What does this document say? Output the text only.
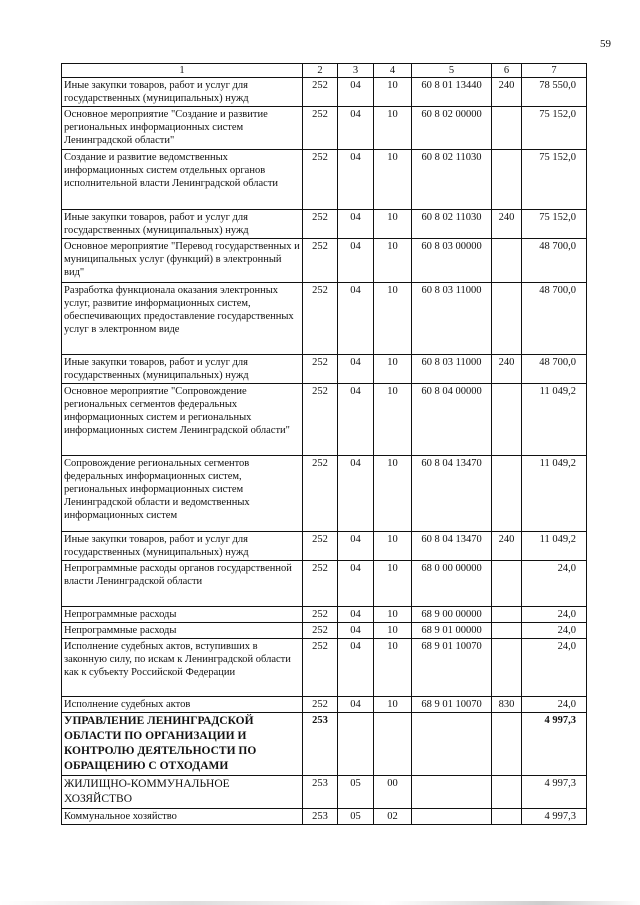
59
1	2	3	4	5	6	7
Иные закупки товаров, работ и услуг для государственных (муниципальных) нужд	252	04	10	60 8 01 13440	240	78 550,0
Основное мероприятие "Создание и развитие региональных информационных систем Ленинградской области"	252	04	10	60 8 02 00000		75 152,0
Создание и развитие ведомственных информационных систем отдельных органов исполнительной власти Ленинградской области	252	04	10	60 8 02 11030		75 152,0
Иные закупки товаров, работ и услуг для государственных (муниципальных) нужд	252	04	10	60 8 02 11030	240	75 152,0
Основное мероприятие "Перевод государственных и муниципальных услуг (функций) в электронный вид"	252	04	10	60 8 03 00000		48 700,0
Разработка функционала оказания электронных услуг, развитие информационных систем, обеспечивающих предоставление государственных услуг в электронном виде	252	04	10	60 8 03 11000		48 700,0
Иные закупки товаров, работ и услуг для государственных (муниципальных) нужд	252	04	10	60 8 03 11000	240	48 700,0
Основное мероприятие "Сопровождение региональных сегментов федеральных информационных систем и региональных информационных систем Ленинградской области"	252	04	10	60 8 04 00000		11 049,2
Сопровождение региональных сегментов федеральных информационных систем, региональных информационных систем Ленинградской области и ведомственных информационных систем	252	04	10	60 8 04 13470		11 049,2
Иные закупки товаров, работ и услуг для государственных (муниципальных) нужд	252	04	10	60 8 04 13470	240	11 049,2
Непрограммные расходы органов государственной власти Ленинградской области	252	04	10	68 0 00 00000		24,0
Непрограммные расходы	252	04	10	68 9 00 00000		24,0
Непрограммные расходы	252	04	10	68 9 01 00000		24,0
Исполнение судебных актов, вступивших в законную силу, по искам к Ленинградской области как к субъекту Российской Федерации	252	04	10	68 9 01 10070		24,0
Исполнение судебных актов	252	04	10	68 9 01 10070	830	24,0
УПРАВЛЕНИЕ ЛЕНИНГРАДСКОЙ ОБЛАСТИ ПО ОРГАНИЗАЦИИ И КОНТРОЛЮ ДЕЯТЕЛЬНОСТИ ПО ОБРАЩЕНИЮ С ОТХОДАМИ	253					4 997,3
ЖИЛИЩНО-КОММУНАЛЬНОЕ ХОЗЯЙСТВО	253	05	00			4 997,3
Коммунальное хозяйство	253	05	02			4 997,3
